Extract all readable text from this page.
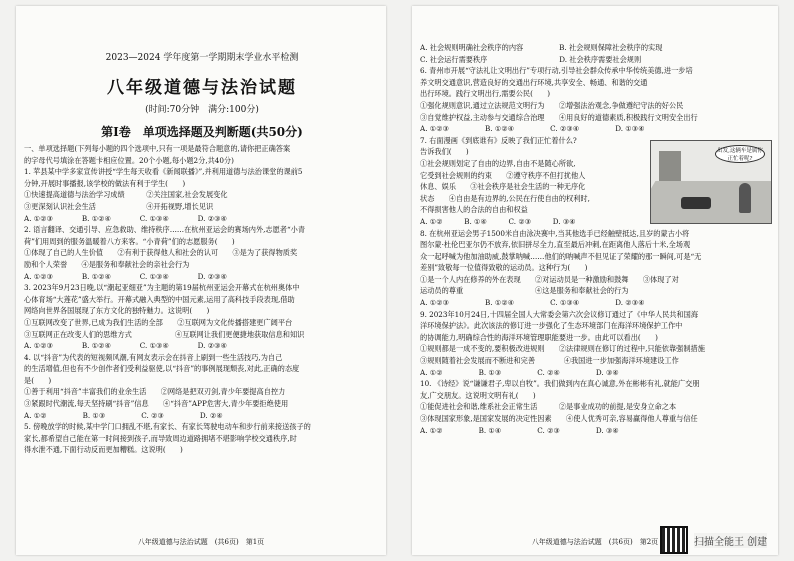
2023—2024 学年度第一学期期末学业水平检测
八年级道德与法治试题
(时间:70分钟　满分:100分)
第Ⅰ卷　单项选择题及判断题(共50分)
一、单项选择题(下列每小题的四个选项中,只有一项是最符合题意的,请你把正确答案
的字母代号填涂在答题卡相应位置。20个小题,每小题2分,共40分)
1. 苹县某中学多家宣传讲授“学生每天收看《新闻联播》”,并利用道德与法治课堂的课前5
分钟,开展时事播报,该学校的做法有利于学生(　　)
①快速提高道德与法治学习成绩　　　②关注国家,社会发展变化
③更深刻认识社会生活　　　　　　　④开拓视野,增长见识
A. ①②③　　　　B. ①②④　　　　C. ①③④　　　　D. ②③④
2. 语言翻译、交通引导、应急救助、维持秩序……在杭州亚运会的赛场内外,志愿者“小青
荷”们用周到的服务温暖着八方来客。“小青荷”们的志愿服务(　　)
①体现了自己的人生价值　　②有利于获得他人和社会的认可　　③是为了获得物质奖
励和个人荣誉　　④是服务和奉献社会的亲社会行为
A. ①②③　　　　B. ①②④　　　　C. ①③④　　　　D. ②③④
3. 2023年9月23日晚,以“潮起亚细亚”为主题的第19届杭州亚运会开幕式在杭州奥体中
心体育场“大莲花”盛大举行。开幕式融入典型的中国元素,运用了高科技手段表现,借助
网络向世界各国展现了东方文化的独特魅力。这说明(　　)
①互联网改变了世界,已成为我们生活的全部　　②互联网为文化传播搭建更广阔平台
③互联网正在改变人们的思维方式　　　　　　④互联网让我们更便捷地获取信息和知识
A. ①②③　　　　B. ①②④　　　　C. ①③④　　　　D. ②③④
4. 以“抖音”为代表的短视频风潮,有网友表示会在抖音上刷到一些生活技巧,为自己
的生活增值,但也有不少创作者们受利益驱使,以“抖音”的事例展现颓丧,对此,正确的态度
是(　　)
①善于利用“抖音”丰富我们的业余生活　　②网络是把双刃剑,青少年要提高自控力
③紧跟时代潮流,每天坚持刷“抖音”信息　　④“抖音”APP危害大,青少年要拒绝使用
A. ①②　　　　　B. ①③　　　　　C. ②③　　　　　D. ②④
5. 傍晚放学的时候,某中学门口拥乱不堪,有家长、有家长驾驶电动车和步行前来接送孩子的
家长,都希望自己能在第一时间接到孩子,而导致周边道路拥堵不堪影响学校交通秩序,时
得水泄不通,下面行动反而更加糟糕。这说明(　　)
八年级道德与法治试题　(共6页)　第1页
A. 社会规则明确社会秩序的内容　　　　　B. 社会规则保障社会秩序的实现
C. 社会运行需要秩序　　　　　　　　　　D. 社会秩序需要社会规则
6. 青州市开展“守法礼让文明出行”专项行动,引导社会群众传承中华传统美德,进一步培
养文明交通意识,营造良好的交通出行环境,共享安全、畅通、和谐的交通
出行环境。践行文明出行,需要公民(　　)
①强化规则意识,通过立法规范文明行为　　②增强法治观念,争做遵纪守法的好公民
③自觉维护权益,主动参与交通综合治理　　④用良好的道德素质,积极践行文明安全出行
A. ①②③　　　　　B. ①②④　　　　　C. ②③④　　　　　D. ①③④
7. 右面漫画《到底谁有》反映了我们正忙着什么?
告诉我们(　　)
①社会规则划定了自由的边界,自由不是随心所欲,
它受到社会规则的约束　　②遵守秩序不但打扰他人
休息、娱乐　　③社会秩序是社会生活的一种无序化
状态　　④自由是有边界的,公民在行使自由的权利时,
不得损害他人的合法的自由和权益
A. ①②　　　B. ①④　　　C. ②③　　　D. ③④
8. 在杭州亚运会男子1500米自由泳决赛中,当其他选手已经触壁抵达,且岁的蒙古小将
图尔蒙·杜伦巴亚尔仍不放弃,依旧拼尽全力,直至最后冲刺,在距离他人落后十米,全场观
众一起呼喊为他加油助威,鼓掌呐喊……他们的呐喊声不但见证了荣耀的那一瞬间,可是“无
差别”致敬每一位值得致敬的运动员。这种行为(　　)
①是一个人内在修养的外在表现　　②对运动员是一种激励和鼓舞　　③体现了对
运动员的尊重　　　　　　　　　　④这是服务和奉献社会的行为
A. ①②③　　　　　B. ①②④　　　　　C. ①③④　　　　　D. ②③④
9. 2023年10月24日,十四届全国人大常委会第六次会议修订通过了《中华人民共和国海
洋环境保护法》。此次该法的修订进一步强化了生态环境部门在海洋环境保护工作中
的协调能力,明确综合性的海洋环境管理职能要进一步。由此可以看出(　　)
①规则都是一成不变的,要积极改进规则　　②法律规则在修订的过程中,只能依靠强制措施
③规则随着社会发展而不断进和完善　　　　④我国进一步加强海洋环境建设工作
A. ①②　　　　　B. ①③　　　　　C. ②④　　　　　D. ③④
10. 《诗经》说“谦谦君子,卑以自牧”。我们做到内在真心诚意,外在彬彬有礼,就能广交朋
友,广交朋友。这说明文明有礼(　　)
①能促进社会和谐,维系社会正常生活　　　②是事业成功的前提,是安身立命之本
③体现国家形象,是国家发展的决定性因素　　④使人优秀可亲,容易赢得他人尊重与信任
A. ①②　　　　　B. ①④　　　　　C. ②③　　　　　D. ③④
出发,这辆车是属你正忙着呢?
八年级道德与法治试题　(共6页)　第2页	扫描全能王 创建
